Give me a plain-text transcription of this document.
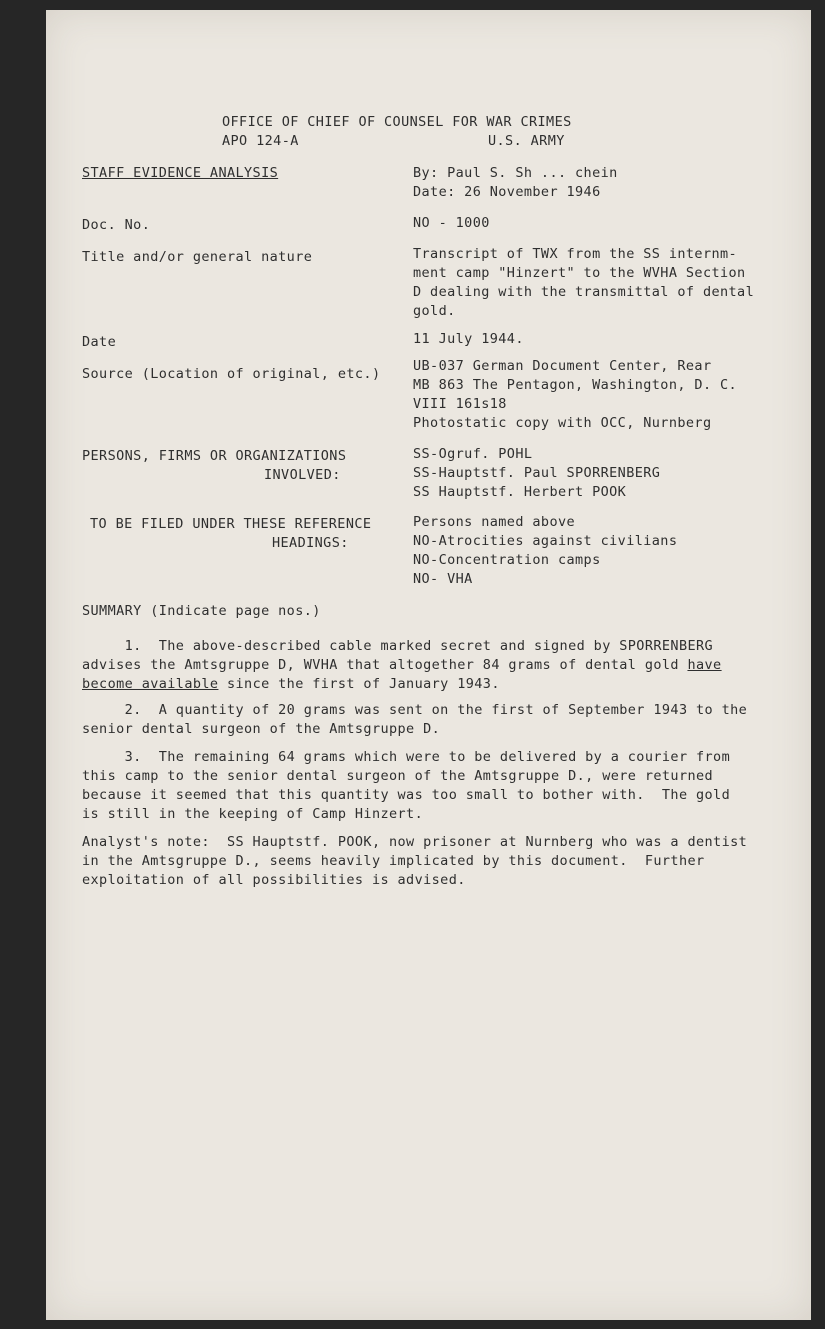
OFFICE OF CHIEF OF COUNSEL FOR WAR CRIMES
APO 124-A	U.S. ARMY
STAFF EVIDENCE ANALYSIS	By: Paul S. Sh ... chein
Date: 26 November 1946
Doc. No.	NO - 1000
Title and/or general nature	Transcript of TWX from the SS internm-
ment camp "Hinzert" to the WVHA Section
D dealing with the transmittal of dental
gold.
Date	11 July 1944.
Source (Location of original, etc.) UB-037 German Document Center, Rear
MB 863 The Pentagon, Washington, D. C.
VIII 161s18
Photostatic copy with OCC, Nurnberg
PERSONS, FIRMS OR ORGANIZATIONS
INVOLVED:
SS-Ogruf. POHL
SS-Hauptstf. Paul SPORRENBERG
SS Hauptstf. Herbert POOK
TO BE FILED UNDER THESE REFERENCE
HEADINGS:
Persons named above
NO-Atrocities against civilians
NO-Concentration camps
NO- VHA
SUMMARY (Indicate page nos.)
1.  The above-described cable marked secret and signed by SPORRENBERG
advises the Amtsgruppe D, WVHA that altogether 84 grams of dental gold have
become available since the first of January 1943.
2.  A quantity of 20 grams was sent on the first of September 1943 to the
senior dental surgeon of the Amtsgruppe D.
3.  The remaining 64 grams which were to be delivered by a courier from
this camp to the senior dental surgeon of the Amtsgruppe D., were returned
because it seemed that this quantity was too small to bother with.  The gold
is still in the keeping of Camp Hinzert.
Analyst's note:  SS Hauptstf. POOK, now prisoner at Nurnberg who was a dentist
in the Amtsgruppe D., seems heavily implicated by this document.  Further
exploitation of all possibilities is advised.
